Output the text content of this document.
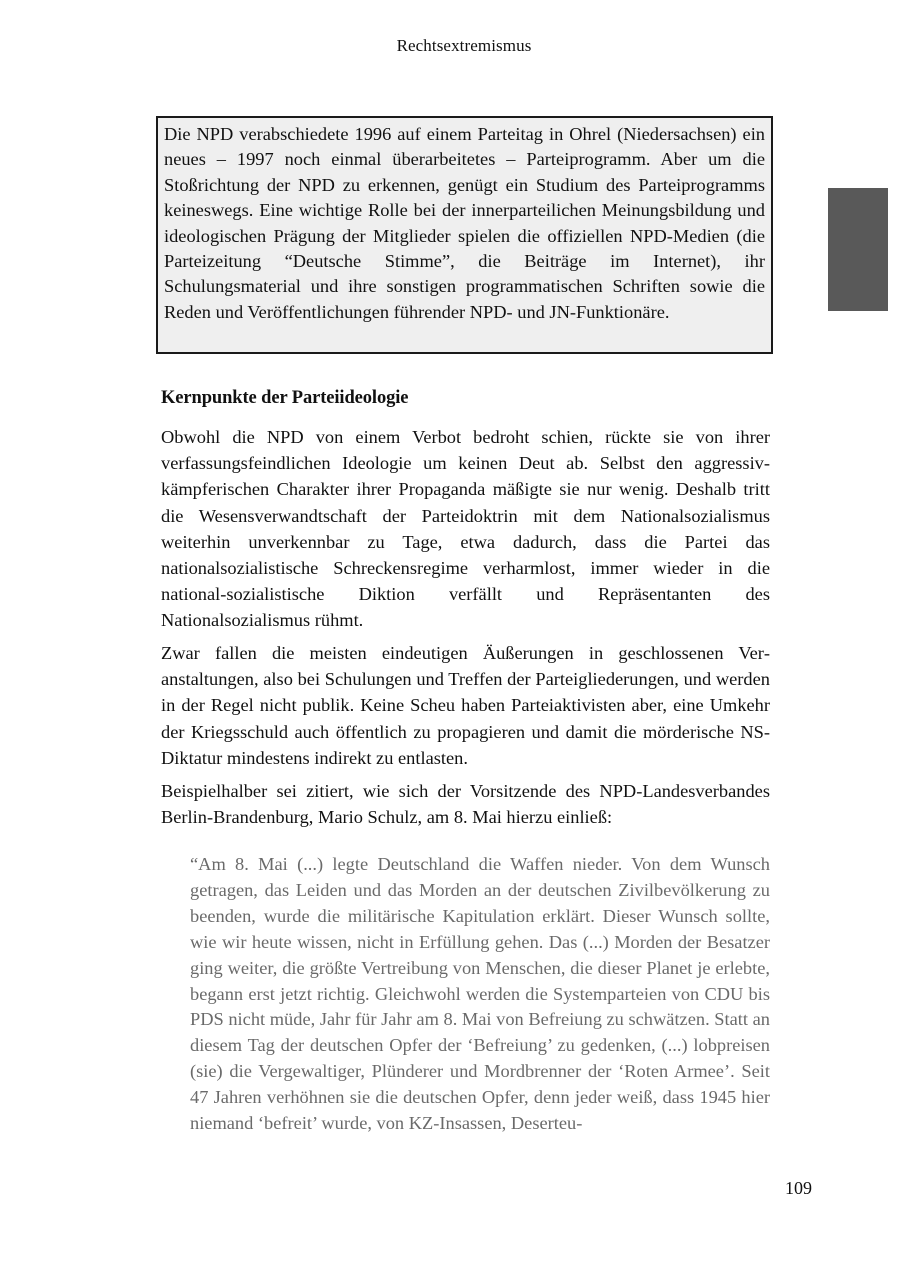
Rechtsextremismus
Die NPD verabschiedete 1996 auf einem Parteitag in Ohrel (Niedersachsen) ein neues – 1997 noch einmal überarbeitetes – Parteiprogramm. Aber um die Stoßrichtung der NPD zu erkennen, genügt ein Studium des Parteiprogramms keineswegs. Eine wichtige Rolle bei der innerparteilichen Meinungsbildung und ideologischen Prägung der Mitglieder spielen die offiziellen NPD-Medien (die Parteizeitung “Deutsche Stimme”, die Beiträge im Internet), ihr Schulungsmaterial und ihre sonstigen programmatischen Schriften sowie die Reden und Veröffentlichungen führender NPD- und JN-Funktionäre.
Kernpunkte der Parteiideologie

Obwohl die NPD von einem Verbot bedroht schien, rückte sie von ihrer verfassungsfeindlichen Ideologie um keinen Deut ab. Selbst den aggressiv-kämpferischen Charakter ihrer Propaganda mäßigte sie nur wenig. Deshalb tritt die Wesensverwandtschaft der Parteidoktrin mit dem Nationalsozialismus weiterhin unverkennbar zu Tage, etwa dadurch, dass die Partei das nationalsozialistische Schreckensregime verharmlost, immer wieder in die national-sozialistische Diktion verfällt und Repräsentanten des Nationalsozialismus rühmt.

Zwar fallen die meisten eindeutigen Äußerungen in geschlossenen Veranstaltungen, also bei Schulungen und Treffen der Parteigliederungen, und werden in der Regel nicht publik. Keine Scheu haben Parteiaktivisten aber, eine Umkehr der Kriegsschuld auch öffentlich zu propagieren und damit die mörderische NS-Diktatur mindestens indirekt zu entlasten.

Beispielhalber sei zitiert, wie sich der Vorsitzende des NPD-Landesverbandes Berlin-Brandenburg, Mario Schulz, am 8. Mai hierzu einließ:

“Am 8. Mai (...) legte Deutschland die Waffen nieder. Von dem Wunsch getragen, das Leiden und das Morden an der deutschen Zivilbevölkerung zu beenden, wurde die militärische Kapitulation erklärt. Dieser Wunsch sollte, wie wir heute wissen, nicht in Erfüllung gehen. Das (...) Morden der Besatzer ging weiter, die größte Vertreibung von Menschen, die dieser Planet je erlebte, begann erst jetzt richtig. Gleichwohl werden die Systemparteien von CDU bis PDS nicht müde, Jahr für Jahr am 8. Mai von Befreiung zu schwätzen. Statt an diesem Tag der deutschen Opfer der ‘Befreiung’ zu gedenken, (...) lobpreisen (sie) die Vergewaltiger, Plünderer und Mordbrenner der ‘Roten Armee’. Seit 47 Jahren verhöhnen sie die deutschen Opfer, denn jeder weiß, dass 1945 hier niemand ‘befreit’ wurde, von KZ-Insassen, Deserteu-
109
